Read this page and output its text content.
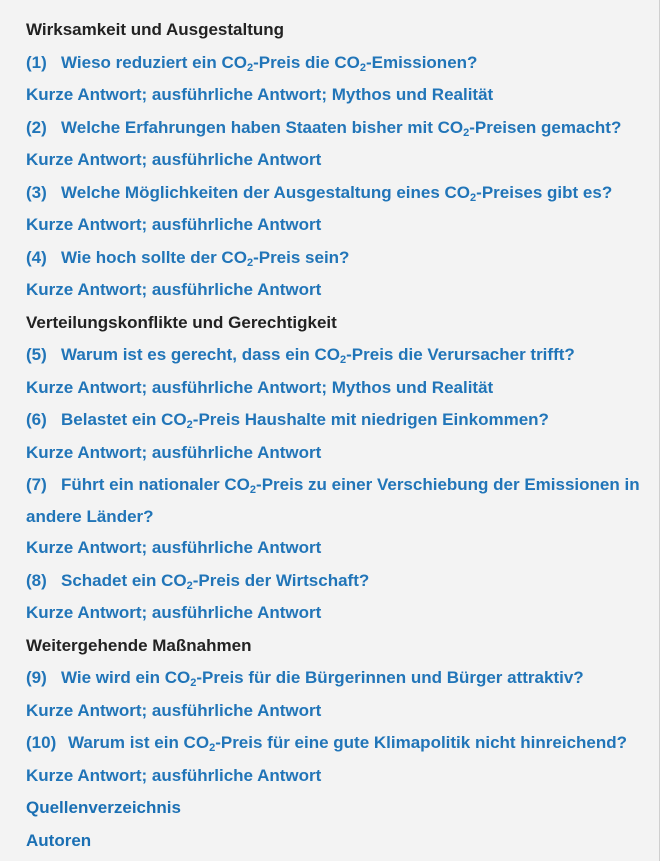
Wirksamkeit und Ausgestaltung
(1) Wieso reduziert ein $CO_2$-Preis die $CO_2$-Emissionen?
Kurze Antwort; ausführliche Antwort; Mythos und Realität
(2) Welche Erfahrungen haben Staaten bisher mit $CO_2$-Preisen gemacht?
Kurze Antwort; ausführliche Antwort
(3) Welche Möglichkeiten der Ausgestaltung eines $CO_2$-Preises gibt es?
Kurze Antwort; ausführliche Antwort
(4) Wie hoch sollte der $CO_2$-Preis sein?
Kurze Antwort; ausführliche Antwort
Verteilungskonflikte und Gerechtigkeit
(5) Warum ist es gerecht, dass ein $CO_2$-Preis die Verursacher trifft?
Kurze Antwort; ausführliche Antwort; Mythos und Realität
(6) Belastet ein $CO_2$-Preis Haushalte mit niedrigen Einkommen?
Kurze Antwort; ausführliche Antwort
(7) Führt ein nationaler $CO_2$-Preis zu einer Verschiebung der Emissionen in andere Länder?
Kurze Antwort; ausführliche Antwort
(8) Schadet ein $CO_2$-Preis der Wirtschaft?
Kurze Antwort; ausführliche Antwort
Weitergehende Maßnahmen
(9) Wie wird ein $CO_2$-Preis für die Bürgerinnen und Bürger attraktiv?
Kurze Antwort; ausführliche Antwort
(10) Warum ist ein $CO_2$-Preis für eine gute Klimapolitik nicht hinreichend?
Kurze Antwort; ausführliche Antwort
Quellenverzeichnis
Autoren
